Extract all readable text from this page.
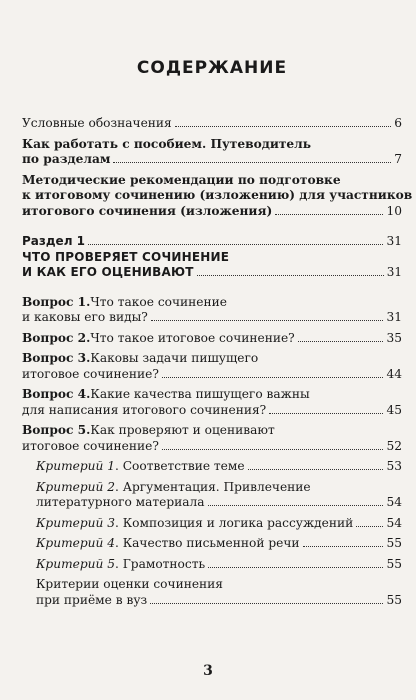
СОДЕРЖАНИЕ
Условные обозначения	6
Как работать с пособием. Путеводитель
по разделам	7
Методические рекомендации по подготовке
к итоговому сочинению (изложению) для участников
итогового сочинения (изложения)	10
Раздел 1	31
ЧТО ПРОВЕРЯЕТ СОЧИНЕНИЕ
И КАК ЕГО ОЦЕНИВАЮТ	31
Вопрос 1. Что такое сочинение
и каковы его виды?	31
Вопрос 2. Что такое итоговое сочинение?	35
Вопрос 3. Каковы задачи пишущего
итоговое сочинение?	44
Вопрос 4. Какие качества пишущего важны
для написания итогового сочинения?	45
Вопрос 5. Как проверяют и оценивают
итоговое сочинение?	52
Критерий 1 . Соответствие теме	53
Критерий 2 . Аргументация. Привлечение
литературного материала	54
Критерий 3 . Композиция и логика рассуждений	54
Критерий 4 . Качество письменной речи	55
Критерий 5 . Грамотность	55
Критерии оценки сочинения
при приёме в вуз	55
3
